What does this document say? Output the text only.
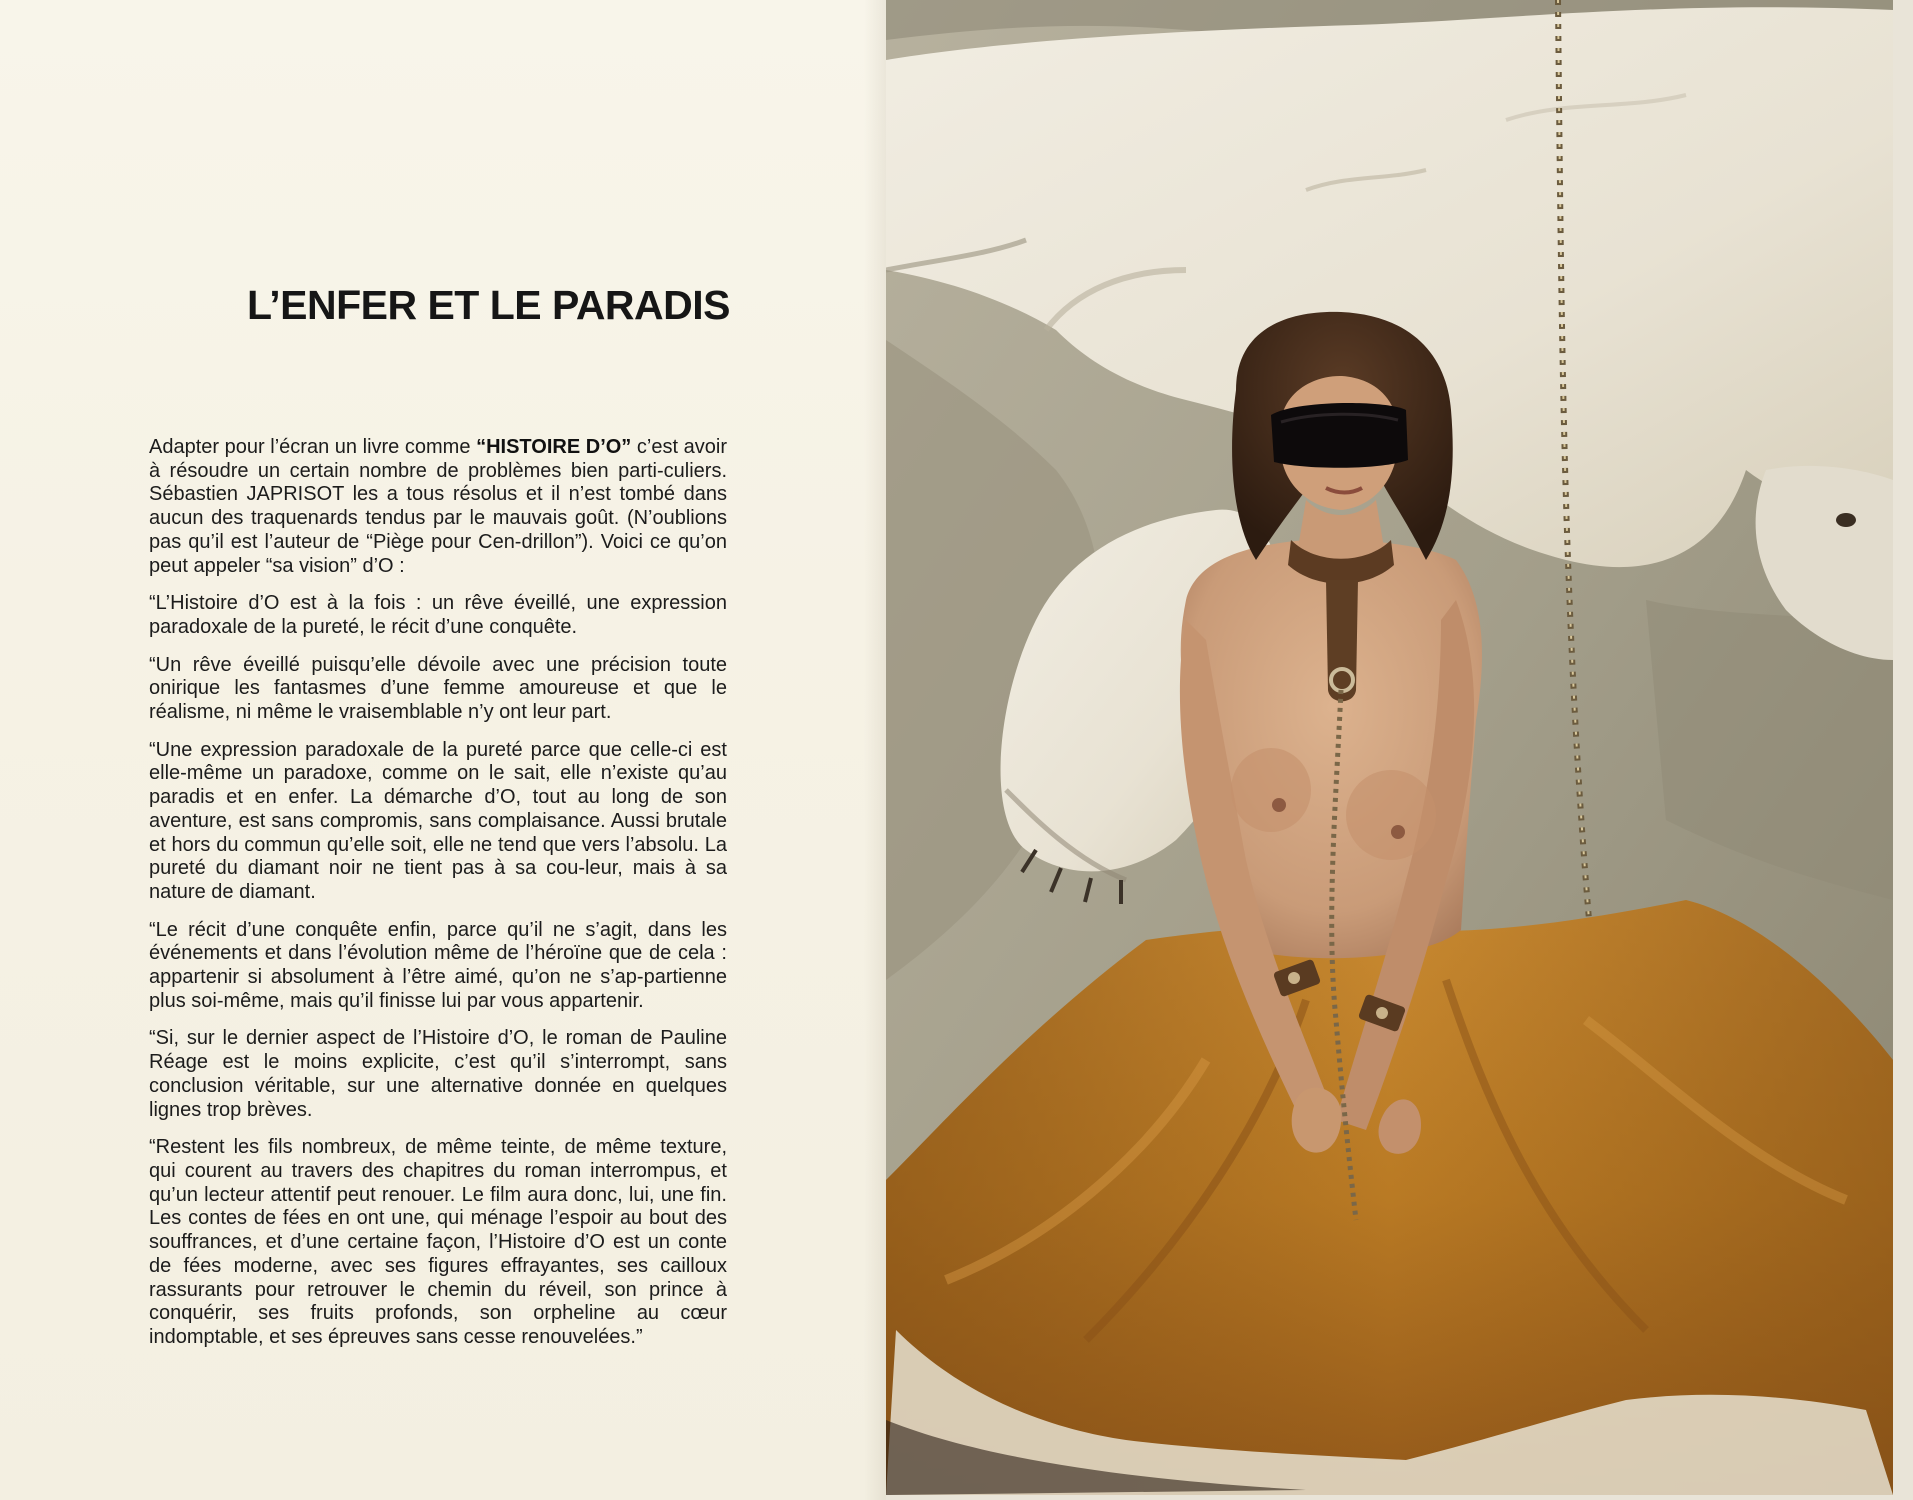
L’ENFER ET LE PARADIS

Adapter pour l’écran un livre comme “HISTOIRE D’O” c’est avoir à résoudre un certain nombre de problèmes bien parti-culiers. Sébastien JAPRISOT les a tous résolus et il n’est tombé dans aucun des traquenards tendus par le mauvais goût. (N’oublions pas qu’il est l’auteur de “Piège pour Cen-drillon”). Voici ce qu’on peut appeler “sa vision” d’O :

“L’Histoire d’O est à la fois : un rêve éveillé, une expression paradoxale de la pureté, le récit d’une conquête.

“Un rêve éveillé puisqu’elle dévoile avec une précision toute onirique les fantasmes d’une femme amoureuse et que le réalisme, ni même le vraisemblable n’y ont leur part.

“Une expression paradoxale de la pureté parce que celle-ci est elle-même un paradoxe, comme on le sait, elle n’existe qu’au paradis et en enfer. La démarche d’O, tout au long de son aventure, est sans compromis, sans complaisance. Aussi brutale et hors du commun qu’elle soit, elle ne tend que vers l’absolu. La pureté du diamant noir ne tient pas à sa cou-leur, mais à sa nature de diamant.

“Le récit d’une conquête enfin, parce qu’il ne s’agit, dans les événements et dans l’évolution même de l’héroïne que de cela : appartenir si absolument à l’être aimé, qu’on ne s’ap-partienne plus soi-même, mais qu’il finisse lui par vous appartenir.

“Si, sur le dernier aspect de l’Histoire d’O, le roman de Pauline Réage est le moins explicite, c’est qu’il s’interrompt, sans conclusion véritable, sur une alternative donnée en quelques lignes trop brèves.

“Restent les fils nombreux, de même teinte, de même texture, qui courent au travers des chapitres du roman interrompus, et qu’un lecteur attentif peut renouer. Le film aura donc, lui, une fin. Les contes de fées en ont une, qui ménage l’espoir au bout des souffrances, et d’une certaine façon, l’Histoire d’O est un conte de fées moderne, avec ses figures effrayantes, ses cailloux rassurants pour retrouver le chemin du réveil, son prince à conquérir, ses fruits profonds, son orpheline au cœur indomptable, et ses épreuves sans cesse renouvelées.”
